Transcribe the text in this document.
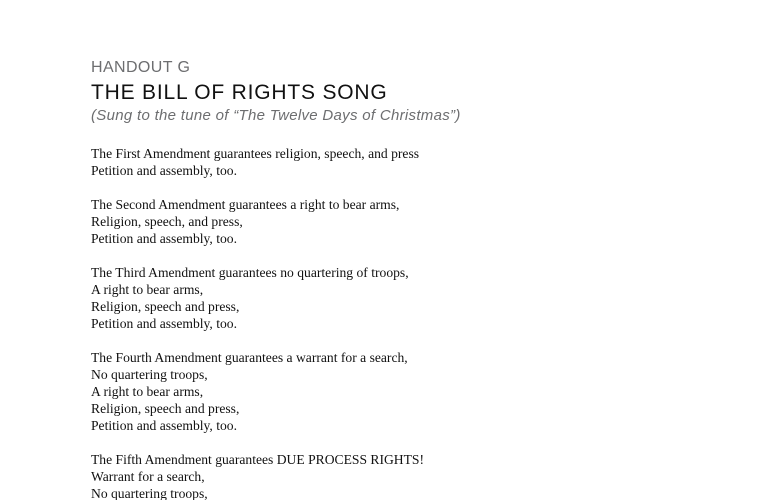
HANDOUT G
THE BILL OF RIGHTS SONG
(Sung to the tune of “The Twelve Days of Christmas”)
The First Amendment guarantees religion, speech, and press
Petition and assembly, too.
The Second Amendment guarantees a right to bear arms,
Religion, speech, and press,
Petition and assembly, too.
The Third Amendment guarantees no quartering of troops,
A right to bear arms,
Religion, speech and press,
Petition and assembly, too.
The Fourth Amendment guarantees a warrant for a search,
No quartering troops,
A right to bear arms,
Religion, speech and press,
Petition and assembly, too.
The Fifth Amendment guarantees DUE PROCESS RIGHTS!
Warrant for a search,
No quartering troops,
